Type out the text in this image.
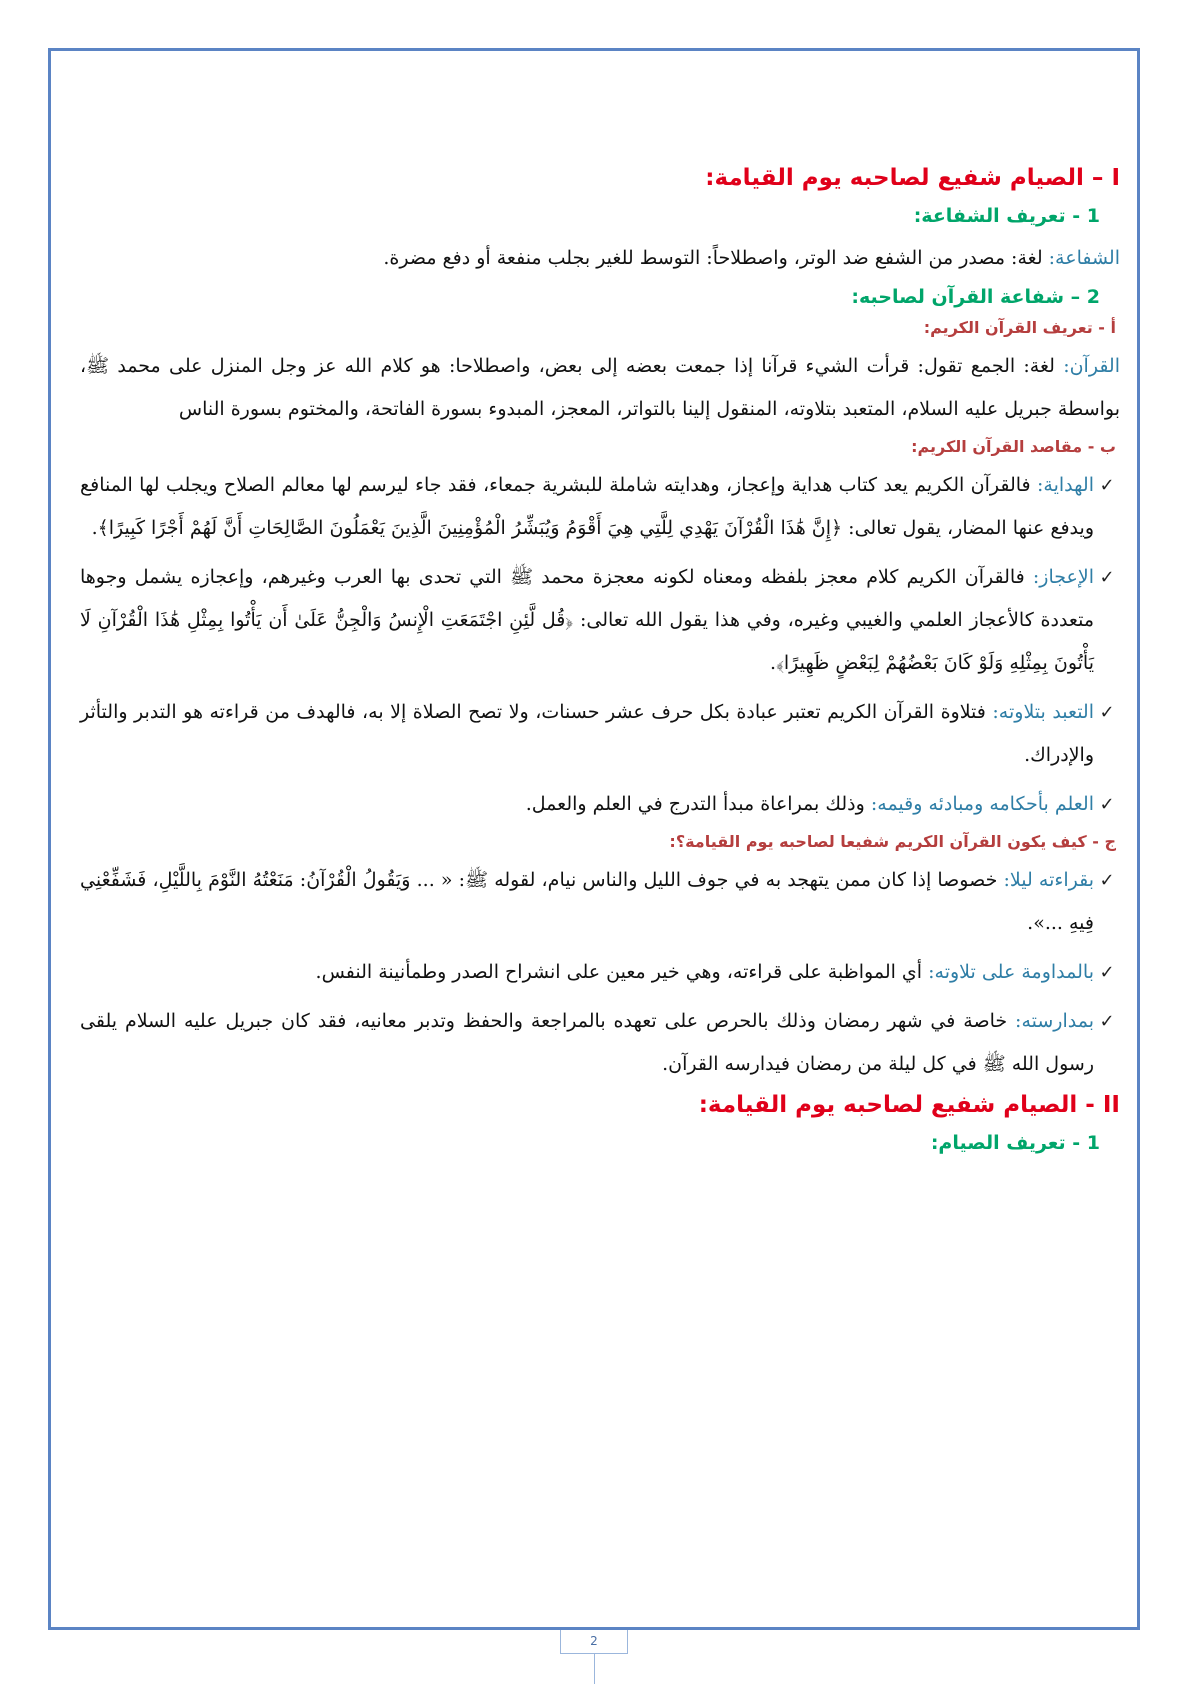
I – الصيام شفيع لصاحبه يوم القيامة:
1 - تعريف الشفاعة:

الشفاعة: لغة: مصدر من الشفع ضد الوتر، واصطلاحاً: التوسط للغير بجلب منفعة أو دفع مضرة.

2 – شفاعة القرآن لصاحبه:
أ - تعريف القرآن الكريم:

القرآن: لغة: الجمع تقول: قرأت الشيء قرآنا إذا جمعت بعضه إلى بعض، واصطلاحا: هو كلام الله عز وجل المنزل على محمد ﷺ، بواسطة جبريل عليه السلام، المتعبد بتلاوته، المنقول إلينا بالتواتر، المعجز، المبدوء بسورة الفاتحة، والمختوم بسورة الناس

ب - مقاصد القرآن الكريم:
✓
الهداية: فالقرآن الكريم يعد كتاب هداية وإعجاز، وهدايته شاملة للبشرية جمعاء، فقد جاء ليرسم لها معالم الصلاح ويجلب لها المنافع ويدفع عنها المضار، يقول تعالى: ﴿إِنَّ هَٰذَا الْقُرْآنَ يَهْدِي لِلَّتِي هِيَ أَقْوَمُ وَيُبَشِّرُ الْمُؤْمِنِينَ الَّذِينَ يَعْمَلُونَ الصَّالِحَاتِ أَنَّ لَهُمْ أَجْرًا كَبِيرًا﴾.
✓
الإعجاز: فالقرآن الكريم كلام معجز بلفظه ومعناه لكونه معجزة محمد ﷺ التي تحدى بها العرب وغيرهم، وإعجازه يشمل وجوها متعددة كالأعجاز العلمي والغيبي وغيره، وفي هذا يقول الله تعالى: ﴿قُل لَّئِنِ اجْتَمَعَتِ الْإِنسُ وَالْجِنُّ عَلَىٰ أَن يَأْتُوا بِمِثْلِ هَٰذَا الْقُرْآنِ لَا يَأْتُونَ بِمِثْلِهِ وَلَوْ كَانَ بَعْضُهُمْ لِبَعْضٍ ظَهِيرًا﴾.
✓
التعبد بتلاوته: فتلاوة القرآن الكريم تعتبر عبادة بكل حرف عشر حسنات، ولا تصح الصلاة إلا به، فالهدف من قراءته هو التدبر والتأثر والإدراك.
✓
العلم بأحكامه ومبادئه وقيمه: وذلك بمراعاة مبدأ التدرج في العلم والعمل.
ج - كيف يكون القرآن الكريم شفيعا لصاحبه يوم القيامة؟:
✓
بقراءته ليلا: خصوصا إذا كان ممن يتهجد به في جوف الليل والناس نيام، لقوله ﷺ: « ... وَيَقُولُ الْقُرْآنُ: مَنَعْتُهُ النَّوْمَ بِاللَّيْلِ، فَشَفِّعْنِي فِيهِ ...».
✓
بالمداومة على تلاوته: أي المواظبة على قراءته، وهي خير معين على انشراح الصدر وطمأنينة النفس.
✓
بمدارسته: خاصة في شهر رمضان وذلك بالحرص على تعهده بالمراجعة والحفظ وتدبر معانيه، فقد كان جبريل عليه السلام يلقى رسول الله ﷺ في كل ليلة من رمضان فيدارسه القرآن.
II - الصيام شفيع لصاحبه يوم القيامة:
1 - تعريف الصيام:
2
